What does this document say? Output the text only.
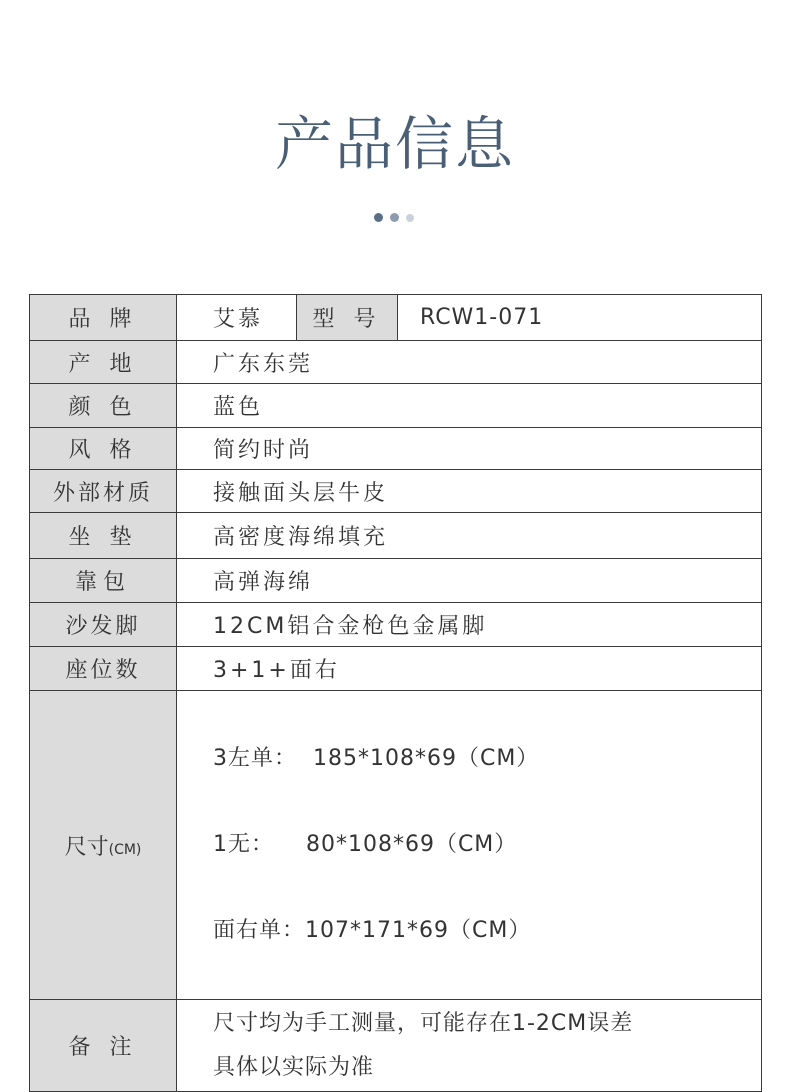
产品信息
品 牌	艾慕	型 号	RCW1-071
产 地	广东东莞		
颜 色	蓝色		
风 格	简约时尚		
外部材质	接触面头层牛皮		
坐 垫	高密度海绵填充		
靠包	高弹海绵		
沙发脚	12CM铝合金枪色金属脚		
座位数	3+1+面右		
尺寸(CM)	3左单：  185*108*69（CM）

1无：    80*108*69（CM）

面右单：107*171*69（CM）		

备 注	尺寸均为手工测量，可能存在1-2CM误差
具体以实际为准		
